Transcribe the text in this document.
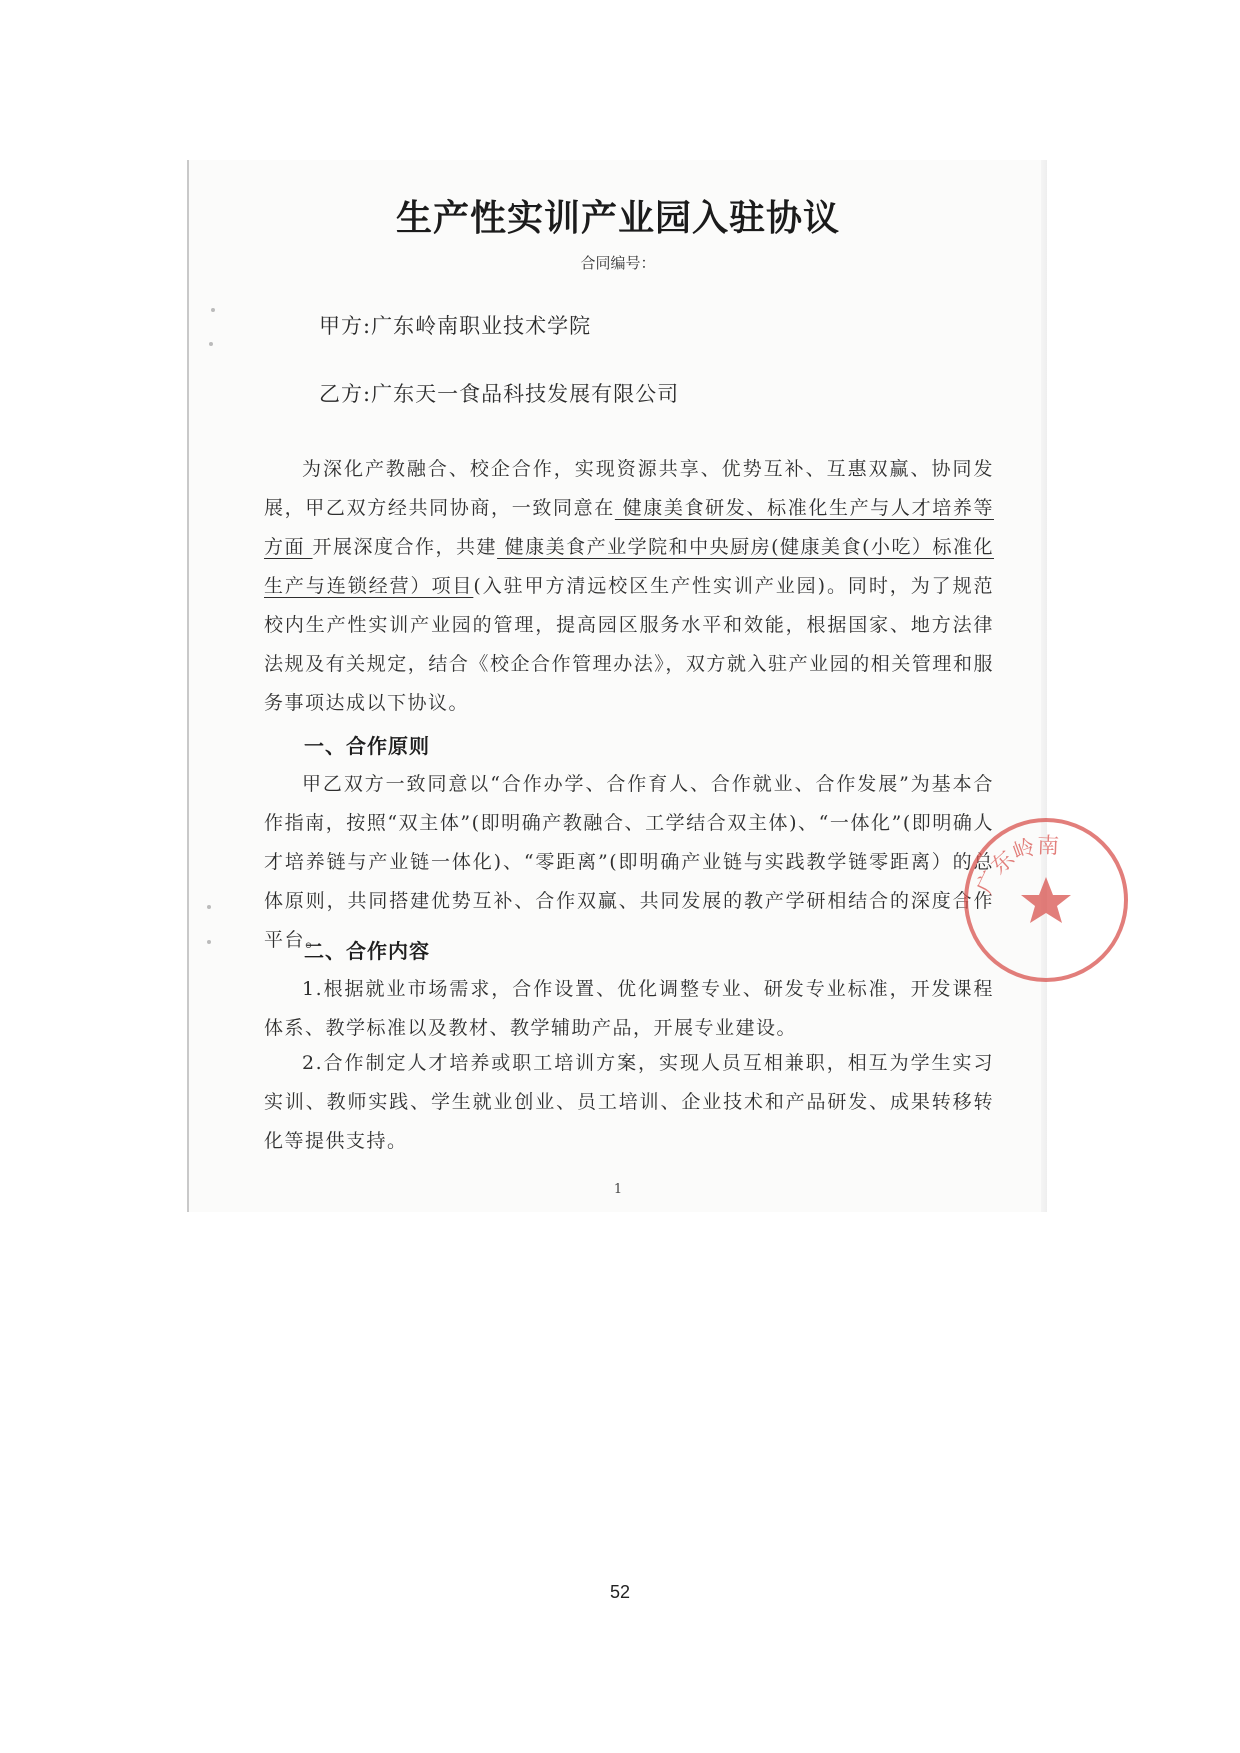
生产性实训产业园入驻协议
合同编号：
甲方:广东岭南职业技术学院
乙方:广东天一食品科技发展有限公司

为深化产教融合、校企合作，实现资源共享、优势互补、互惠双赢、协同发展，甲乙双方经共同协商，一致同意在 健康美食研发、标准化生产与人才培养等方面 开展深度合作，共建 健康美食产业学院和中央厨房(健康美食(小吃）标准化生产与连锁经营）项目(入驻甲方清远校区生产性实训产业园)。同时，为了规范校内生产性实训产业园的管理，提高园区服务水平和效能，根据国家、地方法律法规及有关规定，结合《校企合作管理办法》，双方就入驻产业园的相关管理和服务事项达成以下协议。

一、合作原则

甲乙双方一致同意以“合作办学、合作育人、合作就业、合作发展”为基本合作指南，按照“双主体”(即明确产教融合、工学结合双主体)、“一体化”(即明确人才培养链与产业链一体化)、“零距离”(即明确产业链与实践教学链零距离）的总体原则，共同搭建优势互补、合作双赢、共同发展的教产学研相结合的深度合作平台。

二、合作内容

1.根据就业市场需求，合作设置、优化调整专业、研发专业标准，开发课程体系、教学标准以及教材、教学辅助产品，开展专业建设。

2.合作制定人才培养或职工培训方案，实现人员互相兼职，相互为学生实习实训、教师实践、学生就业创业、员工培训、企业技术和产品研发、成果转移转化等提供支持。

1
广东岭南
52
